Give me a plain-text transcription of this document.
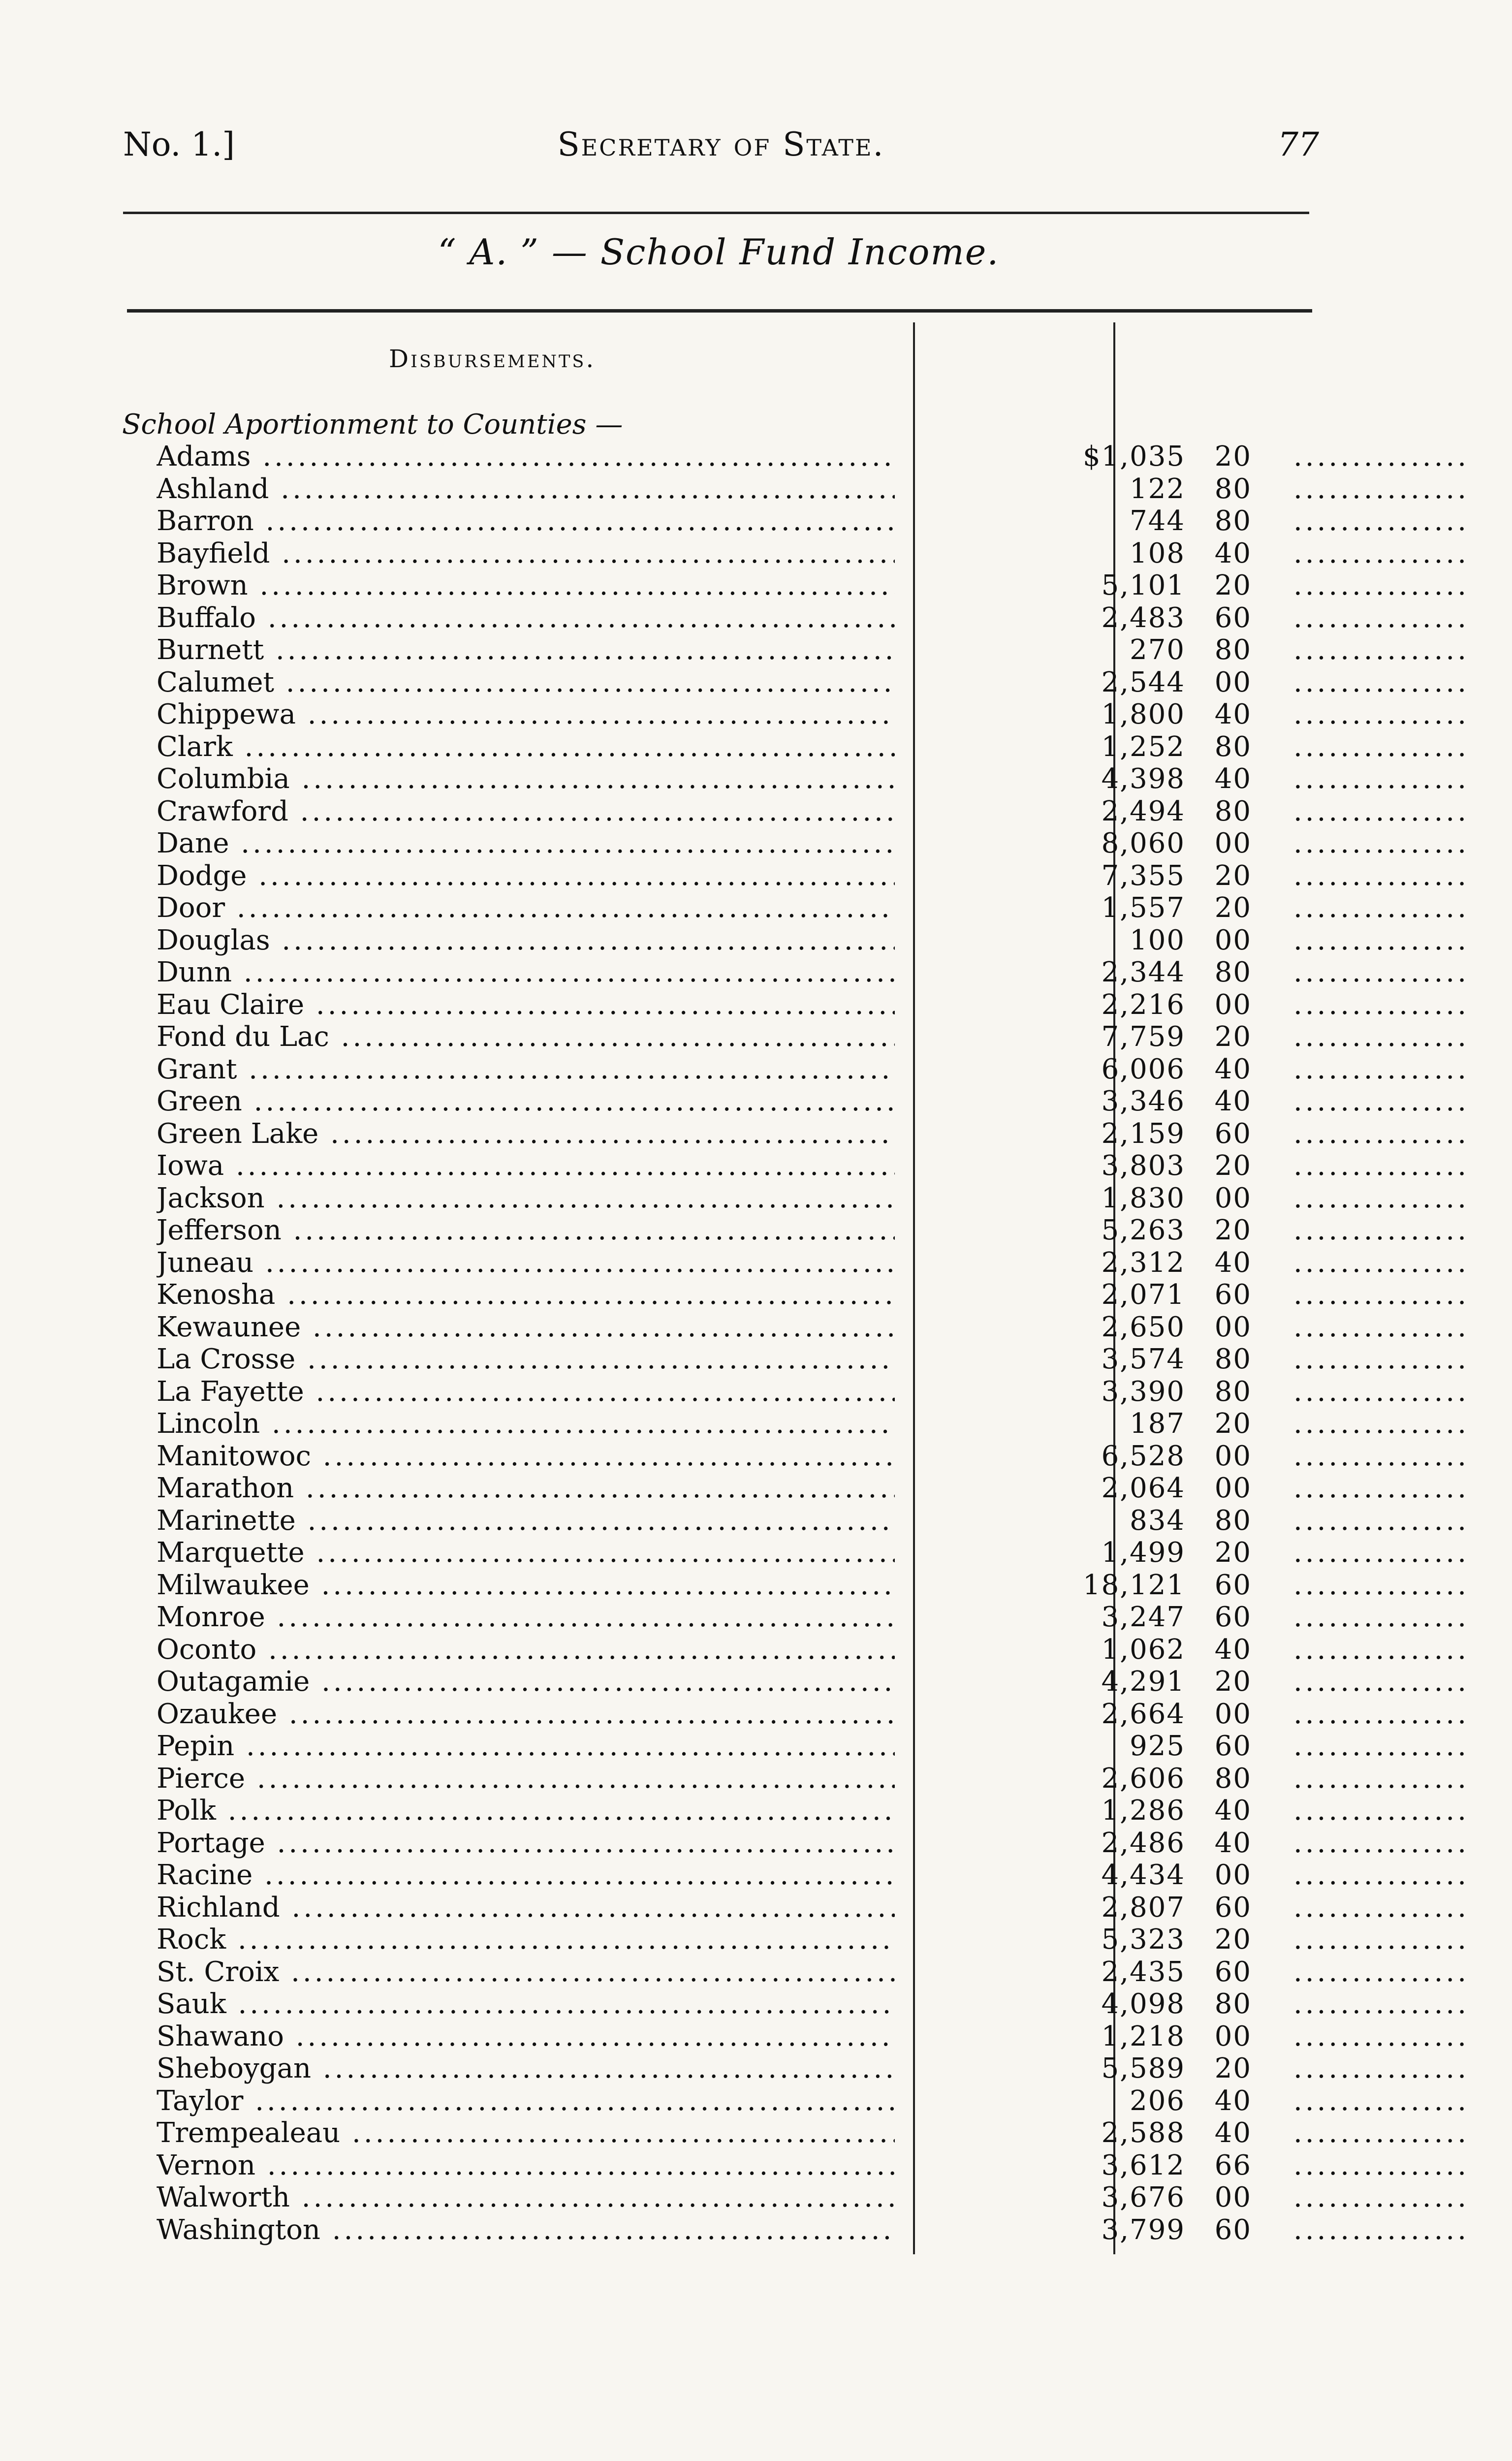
No. 1.]	Secretary of State.	77
“ A. ” — School Fund Income.
Disbursements.
School Aportionment to Counties —
Adams .....	$1,035 20
.....
Ashland .....	122 80
.....
Barron .....	744 80
.....
Bayfield .....	108 40
.....
Brown .....	5,101 20
.....
Buffalo .....	2,483 60
.....
Burnett .....	270 80
.....
Calumet .....	2,544 00
.....
Chippewa .....	1,800 40
.....
Clark .....	1,252 80
.....
Columbia .....	4,398 40
.....
Crawford .....	2,494 80
.....
Dane .....	8,060 00
.....
Dodge .....	7,355 20
.....
Door .....	1,557 20
.....
Douglas .....	100 00
.....
Dunn .....	2,344 80
.....
Eau Claire .....	2,216 00
.....
Fond du Lac .....	7,759 20
.....
Grant .....	6,006 40
.....
Green .....	3,346 40
.....
Green Lake .....	2,159 60
.....
Iowa .....	3,803 20
.....
Jackson .....	1,830 00
.....
Jefferson .....	5,263 20
.....
Juneau .....	2,312 40
.....
Kenosha .....	2,071 60
.....
Kewaunee .....	2,650 00
.....
La Crosse .....	3,574 80
.....
La Fayette .....	3,390 80
.....
Lincoln .....	187 20
.....
Manitowoc .....	6,528 00
.....
Marathon .....	2,064 00
.....
Marinette .....	834 80
.....
Marquette .....	1,499 20
.....
Milwaukee .....	18,121 60
.....
Monroe .....	3,247 60
.....
Oconto .....	1,062 40
.....
Outagamie .....	4,291 20
.....
Ozaukee .....	2,664 00
.....
Pepin .....	925 60
.....
Pierce .....	2,606 80
.....
Polk .....	1,286 40
.....
Portage .....	2,486 40
.....
Racine .....	4,434 00
.....
Richland .....	2,807 60
.....
Rock .....	5,323 20
.....
St. Croix .....	2,435 60
.....
Sauk .....	4,098 80
.....
Shawano .....	1,218 00
.....
Sheboygan .....	5,589 20
.....
Taylor .....	206 40
.....
Trempealeau .....	2,588 40
.....
Vernon .....	3,612 66
.....
Walworth .....	3,676 00
.....
Washington .....	3,799 60
.....
